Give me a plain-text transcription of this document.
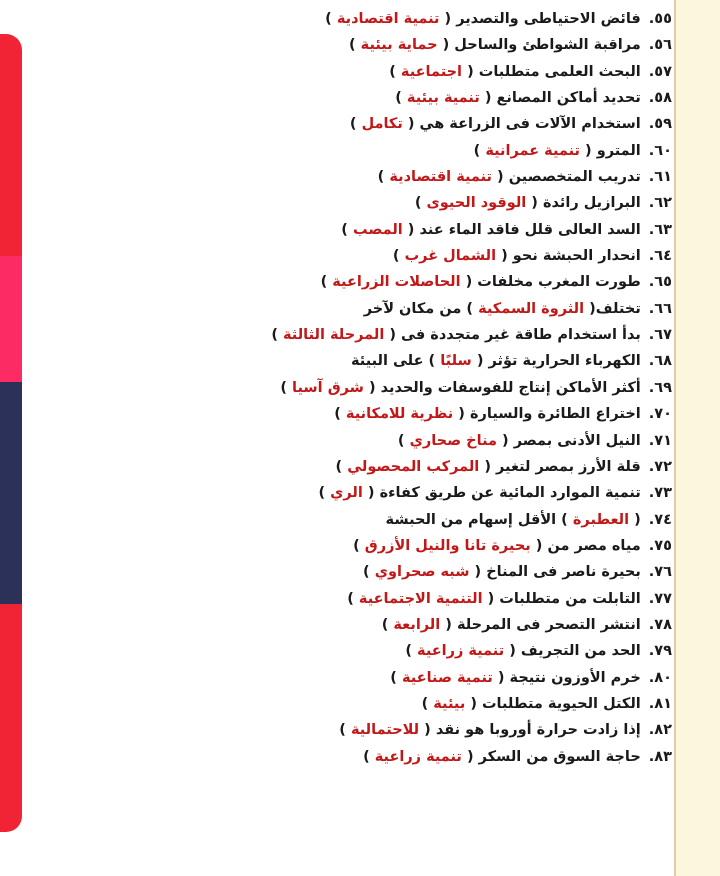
٥٥.فائض الاحتياطى والتصدير ( تنمية اقتصادية )
٥٦.مراقبة الشواطئ والساحل ( حماية بيئية )
٥٧.البحث العلمى متطلبات ( اجتماعية )
٥٨.تحديد أماكن المصانع ( تنمية بيئية )
٥٩.استخدام الآلات فى الزراعة هي ( تكامل )
٦٠.المترو ( تنمية عمرانية )
٦١.تدريب المتخصصين ( تنمية اقتصادية )
٦٢.البرازيل رائدة ( الوقود الحيوى )
٦٣.السد العالى قلل فاقد الماء عند ( المصب )
٦٤.انحدار الحبشة نحو ( الشمال غرب )
٦٥.طورت المغرب مخلفات ( الحاصلات الزراعية )
٦٦.تختلف( الثروة السمكية ) من مكان لآخر
٦٧.بدأ استخدام طاقة غير متجددة فى ( المرحلة الثالثة )
٦٨.الكهرباء الحرارية تؤثر ( سلبًا ) على البيئة
٦٩.أكثر الأماكن إنتاج للفوسفات والحديد ( شرق آسيا )
٧٠.اختراع الطائرة والسيارة ( نظرية للامكانية )
٧١.النيل الأدنى بمصر ( مناخ صحاري )
٧٢.قلة الأرز بمصر لتغير ( المركب المحصولي )
٧٣.تنمية الموارد المائية عن طريق كفاءة ( الري )
٧٤.( العطبرة ) الأقل إسهام من الحبشة
٧٥.مياه مصر من ( بحيرة تانا والنيل الأزرق )
٧٦.بحيرة ناصر فى المناخ ( شبه صحراوي )
٧٧.التابلت من متطلبات ( التنمية الاجتماعية )
٧٨.انتشر التصحر فى المرحلة ( الرابعة )
٧٩.الحد من التجريف ( تنمية زراعية )
٨٠.خرم الأوزون نتيجة ( تنمية صناعية )
٨١.الكتل الحيوية متطلبات ( بيئية )
٨٢.إذا زادت حرارة أوروبا هو نقد ( للاحتمالية )
٨٣.حاجة السوق من السكر ( تنمية زراعية )
